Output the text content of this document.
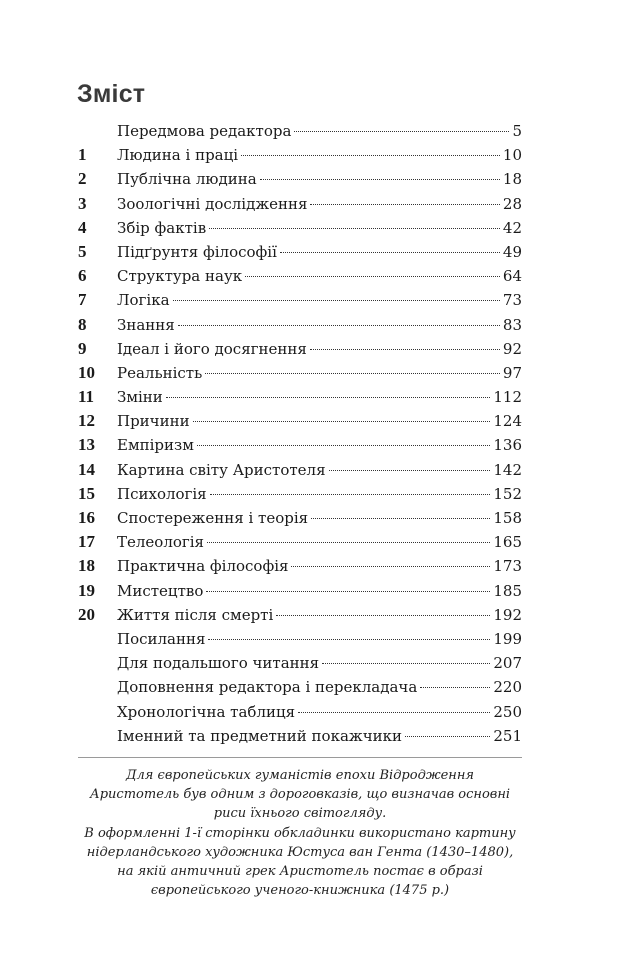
Зміст
Передмова редактора	5
1	Людина і праці	10
2	Публічна людина	18
3	Зоологічні дослідження	28
4	Збір фактів	42
5	Підґрунтя філософії	49
6	Структура наук	64
7	Логіка	73
8	Знання	83
9	Ідеал і його досягнення	92
10	Реальність	97
11	Зміни	112
12	Причини	124
13	Емпіризм	136
14	Картина світу Аристотеля	142
15	Психологія	152
16	Спостереження і теорія	158
17	Телеологія	165
18	Практична філософія	173
19	Мистецтво	185
20	Життя після смерті	192
Посилання	199
Для подальшого читання	207
Доповнення редактора і перекладача	220
Хронологічна таблиця	250
Іменний та предметний покажчики	251

Для європейських гуманістів епохи Відродження
Аристотель був одним з дороговказів, що визначав основні
риси їхнього світогляду.
В оформленні 1-ї сторінки обкладинки використано картину
нідерландського художника Юстуса ван Гента (1430–1480),
на якій античний грек Аристотель постає в образі
європейського ученого-книжника (1475 р.)
